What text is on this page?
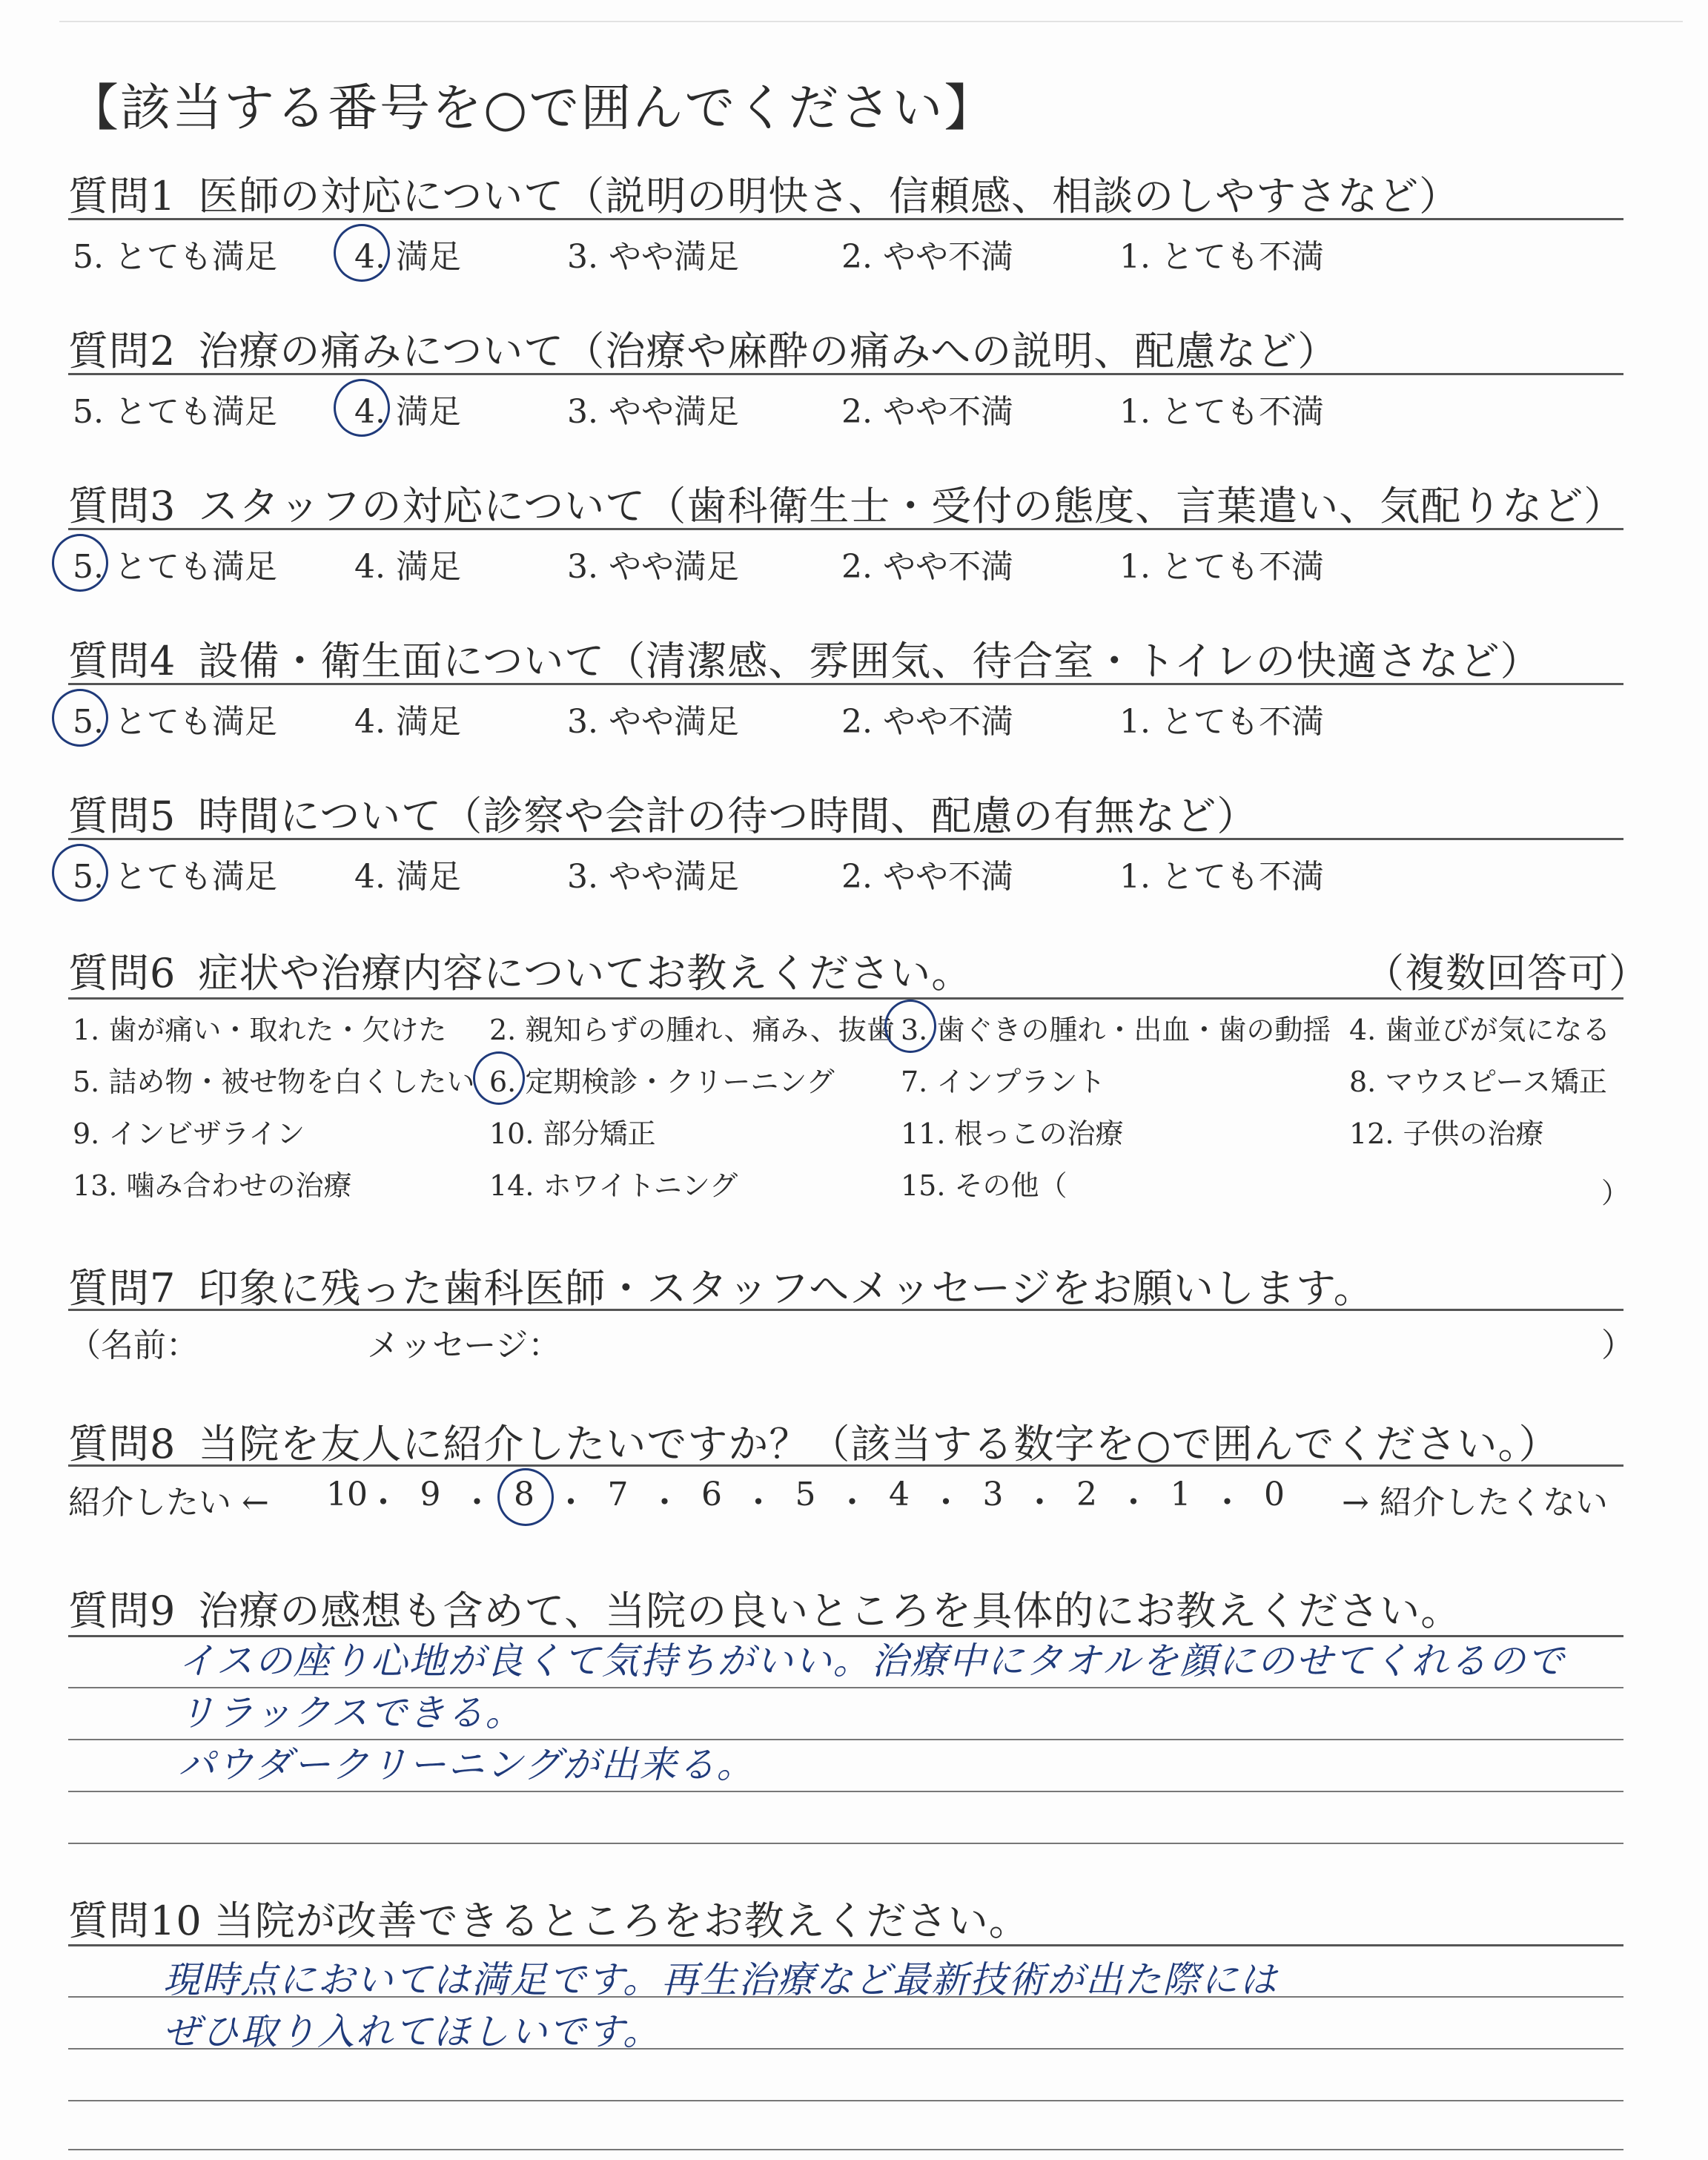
【該当する番号を○で囲んでください】
質問1 医師の対応について（説明の明快さ、信頼感、相談のしやすさなど）
5. とても満足 4. 満足	3. やや満足	2. やや不満	1. とても不満
質問2 治療の痛みについて（治療や麻酔の痛みへの説明、配慮など）
5. とても満足 4. 満足	3. やや満足	2. やや不満	1. とても不満
質問3 スタッフの対応について（歯科衛生士・受付の態度、言葉遣い、気配りなど）
5. とても満足 4. 満足	3. やや満足	2. やや不満	1. とても不満
質問4 設備・衛生面について（清潔感、雰囲気、待合室・トイレの快適さなど）
5. とても満足 4. 満足	3. やや満足	2. やや不満	1. とても不満
質問5 時間について（診察や会計の待つ時間、配慮の有無など）
5. とても満足 4. 満足	3. やや満足	2. やや不満	1. とても不満
質問6 症状や治療内容についてお教えください。	（複数回答可）
1. 歯が痛い・取れた・欠けた 2. 親知らずの腫れ、痛み、抜歯 3. 歯ぐきの腫れ・出血・歯の動揺 4. 歯並びが気になる
5. 詰め物・被せ物を白くしたい 6. 定期検診・クリーニング 7. インプラント	8. マウスピース矯正
9. インビザライン	10. 部分矯正	11. 根っこの治療	12. 子供の治療
13. 噛み合わせの治療	14. ホワイトニング	15. その他（	）
質問7 印象に残った歯科医師・スタッフへメッセージをお願いします。
（名前：	メッセージ：	）
質問8 当院を友人に紹介したいですか？（該当する数字を○で囲んでください。）
紹介したい ← 10 ・ 9 ・ 8 ・ 7 ・ 6 ・ 5 ・ 4 ・ 3 ・ 2 ・ 1 ・ 0 → 紹介したくない
質問9 治療の感想も含めて、当院の良いところを具体的にお教えください。
イスの座り心地が良くて気持ちがいい。治療中にタオルを顔にのせてくれるので
リラックスできる。
パウダークリーニングが出来る。
質問10 当院が改善できるところをお教えください。
現時点においては満足です。再生治療など最新技術が出た際には
ぜひ取り入れてほしいです。
